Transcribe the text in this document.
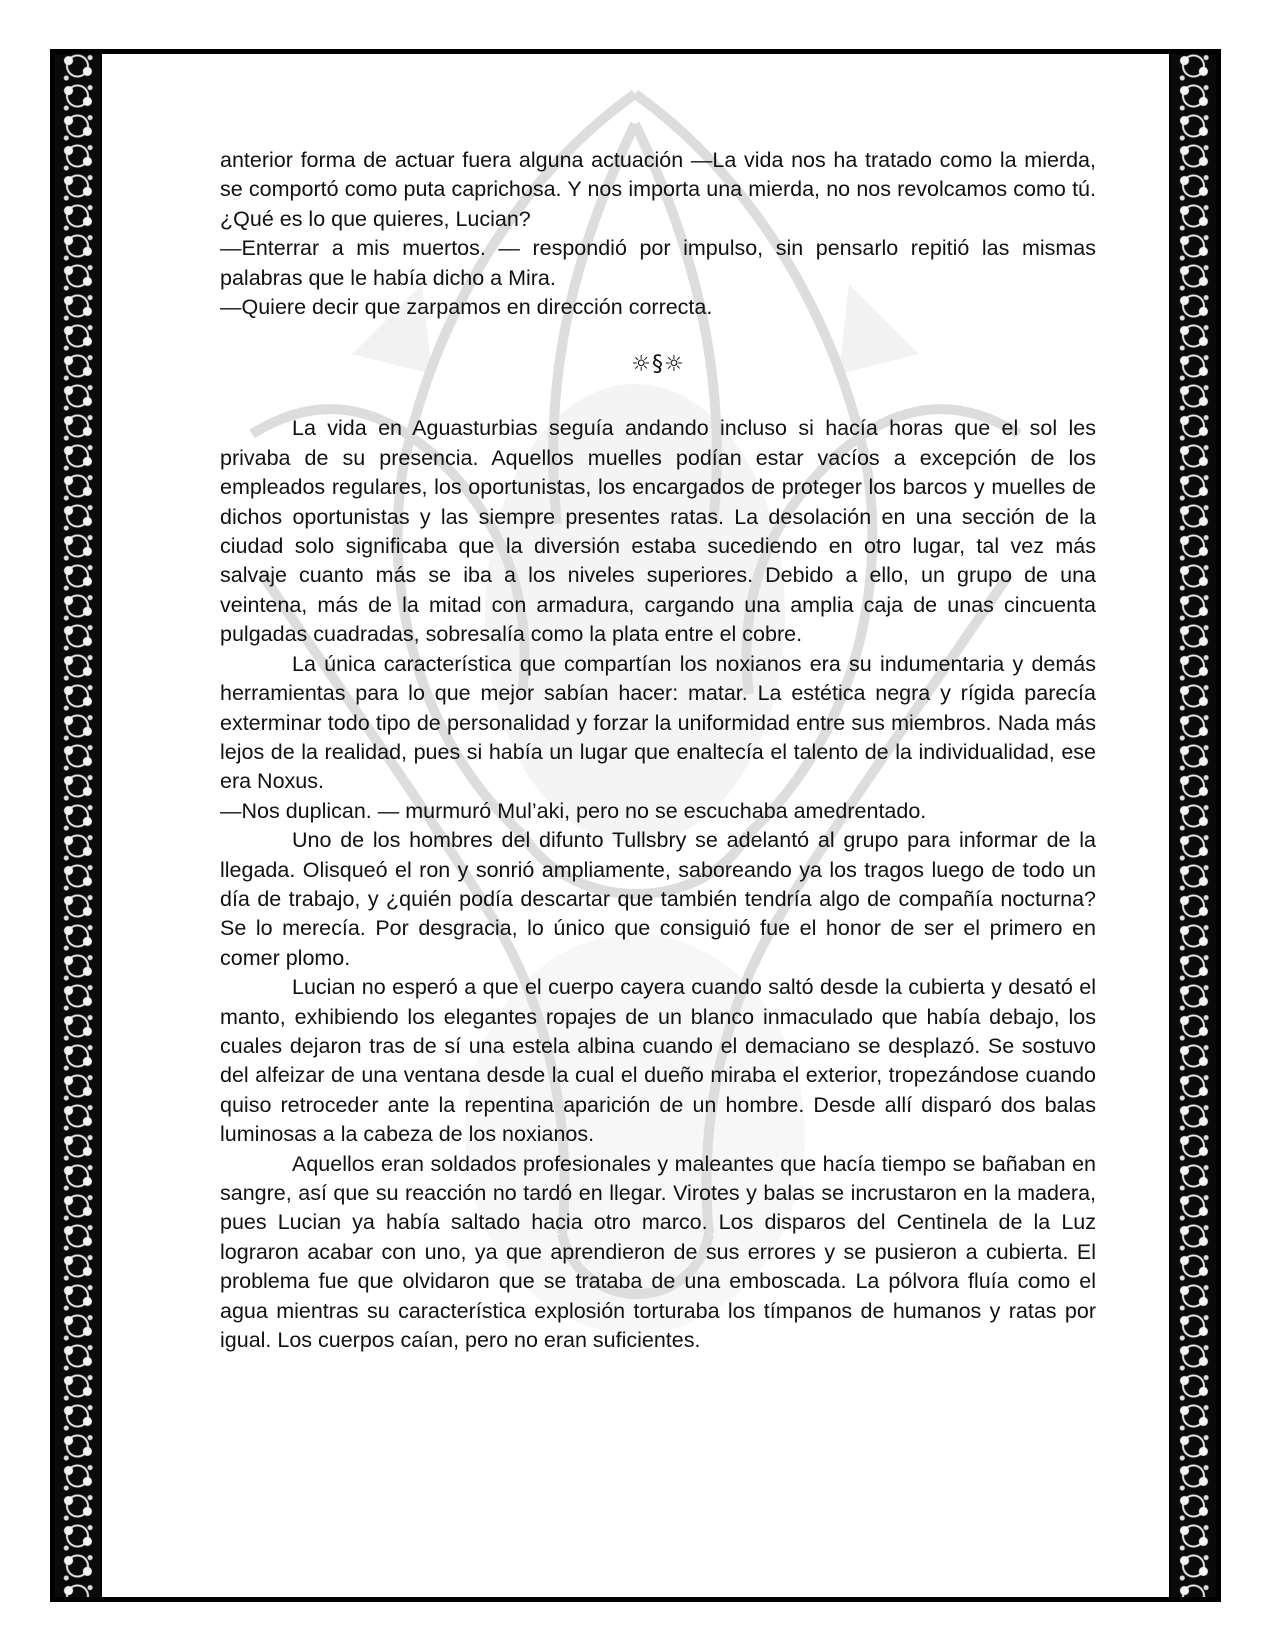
anterior forma de actuar fuera alguna actuación —La vida nos ha tratado como la mierda, se comportó como puta caprichosa. Y nos importa una mierda, no nos revolcamos como tú. ¿Qué es lo que quieres, Lucian?

—Enterrar a mis muertos. — respondió por impulso, sin pensarlo repitió las mismas palabras que le había dicho a Mira.

—Quiere decir que zarpamos en dirección correcta.

☼§☼

La vida en Aguasturbias seguía andando incluso si hacía horas que el sol les privaba de su presencia. Aquellos muelles podían estar vacíos a excepción de los empleados regulares, los oportunistas, los encargados de proteger los barcos y muelles de dichos oportunistas y las siempre presentes ratas. La desolación en una sección de la ciudad solo significaba que la diversión estaba sucediendo en otro lugar, tal vez más salvaje cuanto más se iba a los niveles superiores. Debido a ello, un grupo de una veintena, más de la mitad con armadura, cargando una amplia caja de unas cincuenta pulgadas cuadradas, sobresalía como la plata entre el cobre.

La única característica que compartían los noxianos era su indumentaria y demás herramientas para lo que mejor sabían hacer: matar. La estética negra y rígida parecía exterminar todo tipo de personalidad y forzar la uniformidad entre sus miembros. Nada más lejos de la realidad, pues si había un lugar que enaltecía el talento de la individualidad, ese era Noxus.

—Nos duplican. — murmuró Mul’aki, pero no se escuchaba amedrentado.

Uno de los hombres del difunto Tullsbry se adelantó al grupo para informar de la llegada. Olisqueó el ron y sonrió ampliamente, saboreando ya los tragos luego de todo un día de trabajo, y ¿quién podía descartar que también tendría algo de compañía nocturna? Se lo merecía. Por desgracia, lo único que consiguió fue el honor de ser el primero en comer plomo.

Lucian no esperó a que el cuerpo cayera cuando saltó desde la cubierta y desató el manto, exhibiendo los elegantes ropajes de un blanco inmaculado que había debajo, los cuales dejaron tras de sí una estela albina cuando el demaciano se desplazó. Se sostuvo del alfeizar de una ventana desde la cual el dueño miraba el exterior, tropezándose cuando quiso retroceder ante la repentina aparición de un hombre. Desde allí disparó dos balas luminosas a la cabeza de los noxianos.

Aquellos eran soldados profesionales y maleantes que hacía tiempo se bañaban en sangre, así que su reacción no tardó en llegar. Virotes y balas se incrustaron en la madera, pues Lucian ya había saltado hacia otro marco. Los disparos del Centinela de la Luz lograron acabar con uno, ya que aprendieron de sus errores y se pusieron a cubierta. El problema fue que olvidaron que se trataba de una emboscada. La pólvora fluía como el agua mientras su característica explosión torturaba los tímpanos de humanos y ratas por igual. Los cuerpos caían, pero no eran suficientes.
